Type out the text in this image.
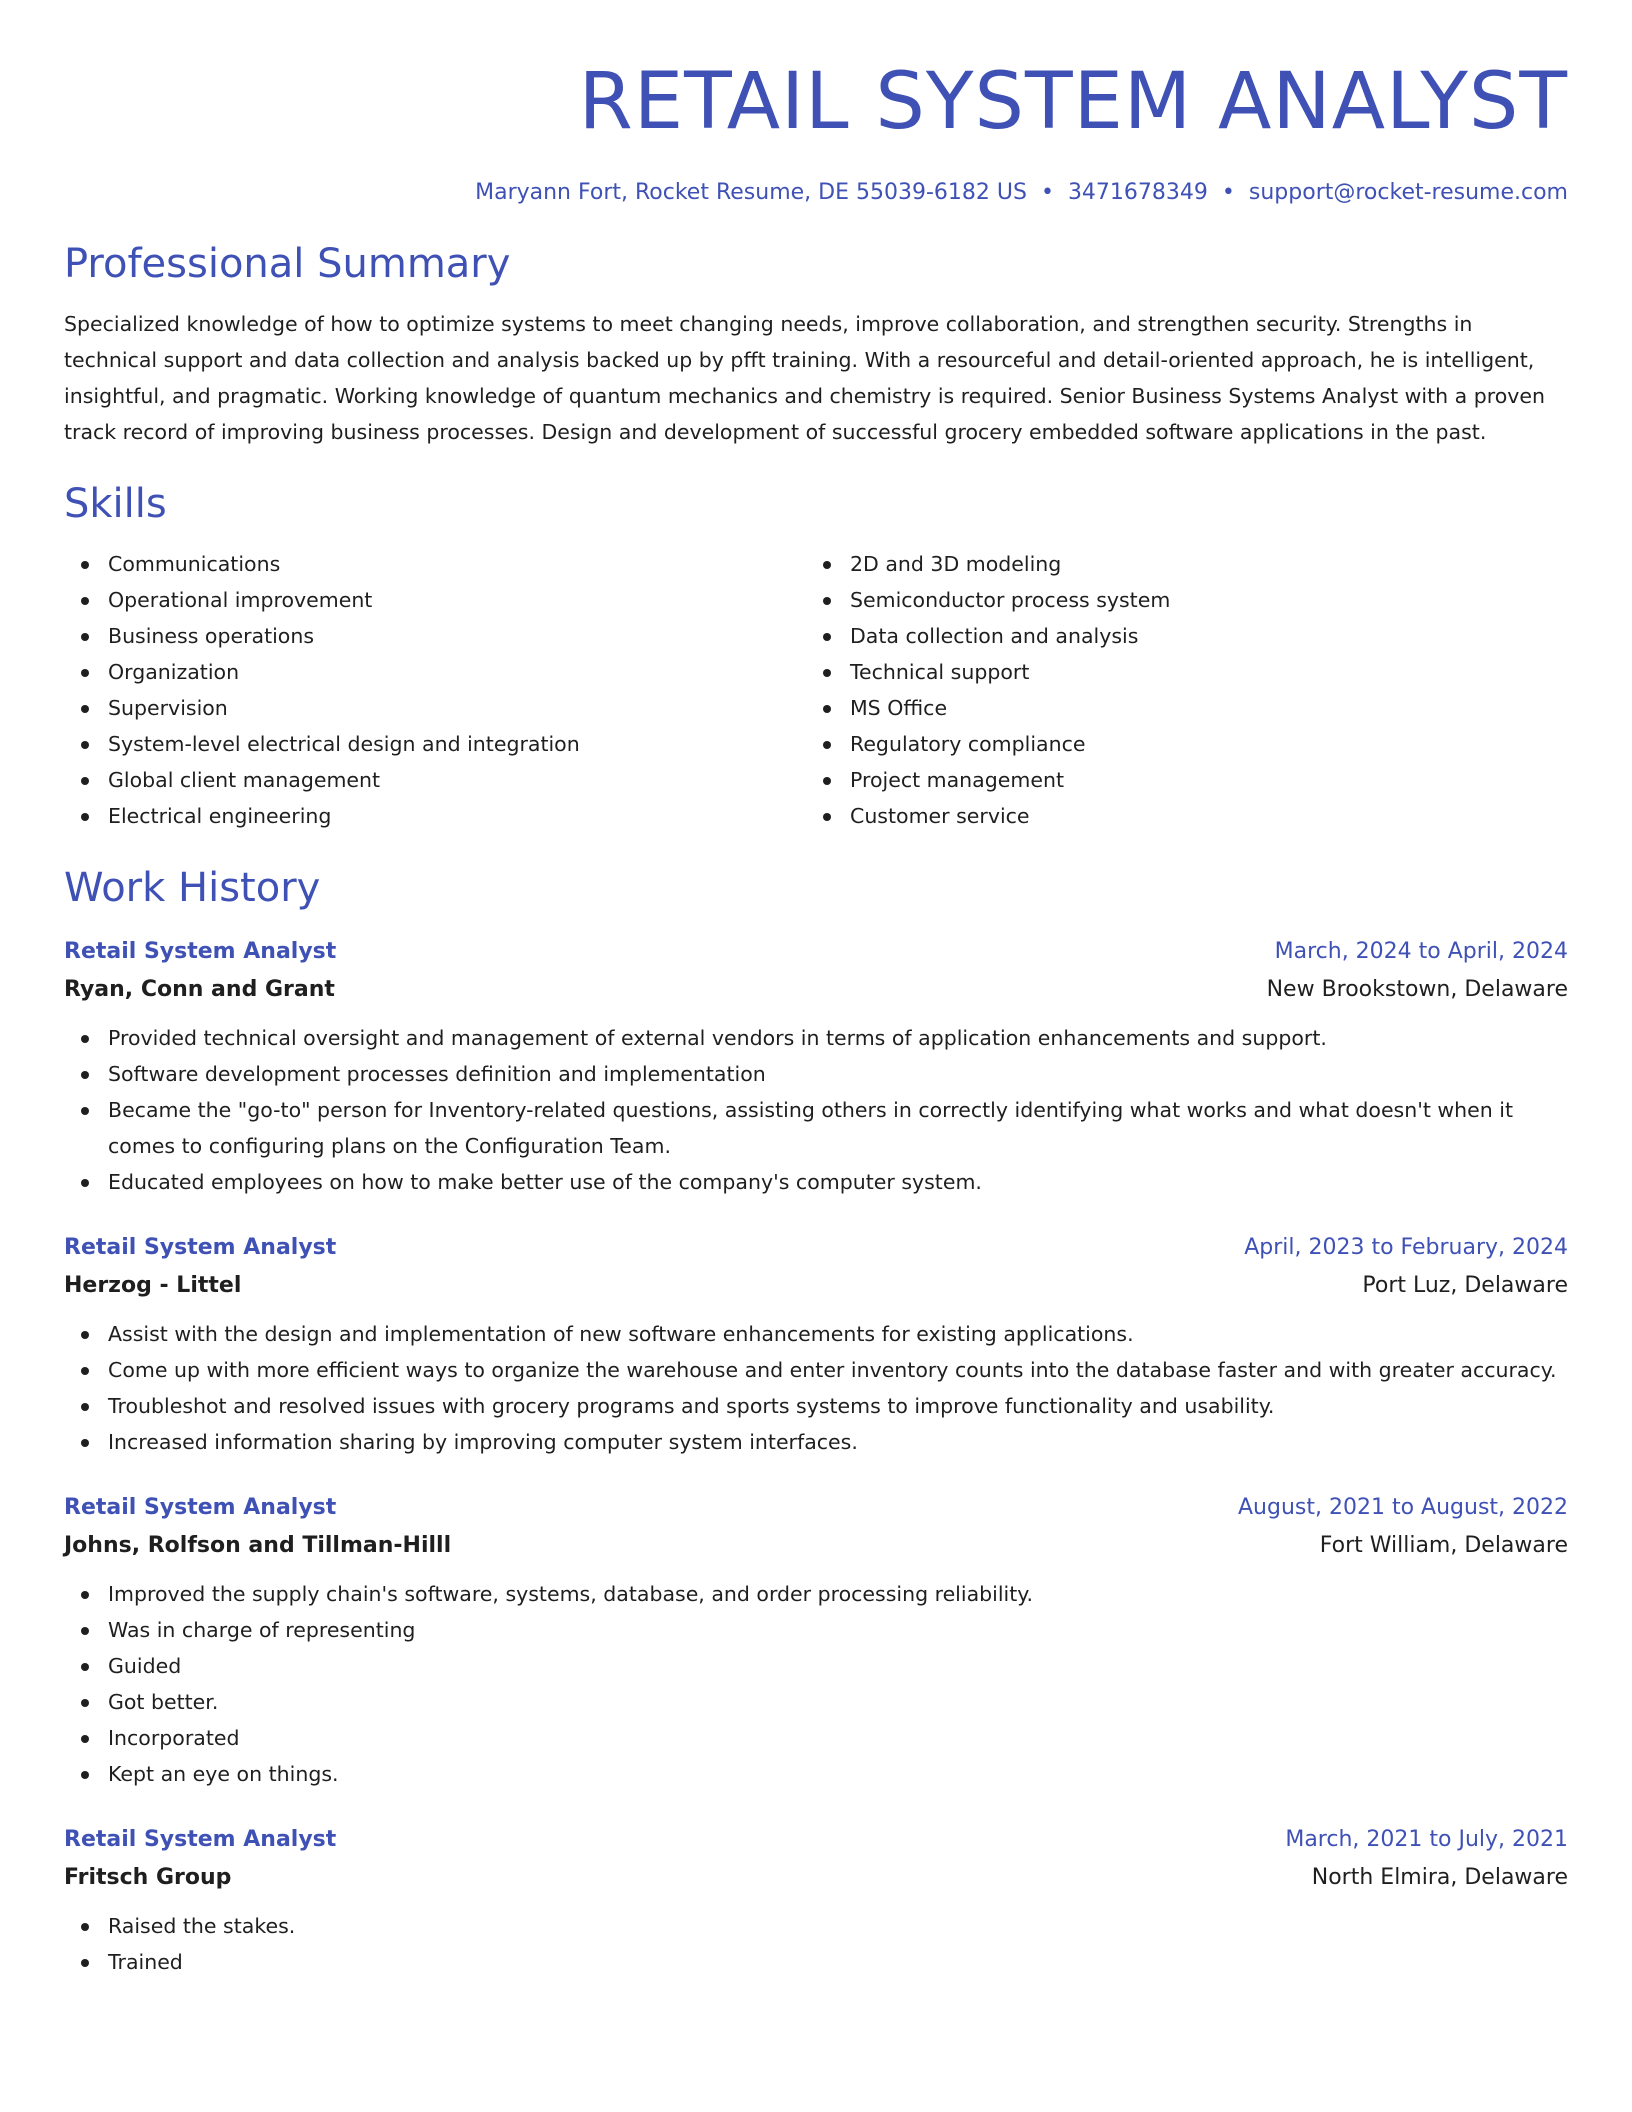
RETAIL SYSTEM ANALYST
Maryann Fort, Rocket Resume, DE 55039-6182 US • 3471678349 • support@rocket-resume.com
Professional Summary

Specialized knowledge of how to optimize systems to meet changing needs, improve collaboration, and strengthen security. Strengths in technical support and data collection and analysis backed up by pfft training. With a resourceful and detail-oriented approach, he is intelligent, insightful, and pragmatic. Working knowledge of quantum mechanics and chemistry is required. Senior Business Systems Analyst with a proven track record of improving business processes. Design and development of successful grocery embedded software applications in the past.

Skills
Communications
Operational improvement
Business operations
Organization
Supervision
System-level electrical design and integration
Global client management
Electrical engineering
2D and 3D modeling
Semiconductor process system
Data collection and analysis
Technical support
MS Office
Regulatory compliance
Project management
Customer service
Work History
Retail System Analyst	March, 2024 to April, 2024
Ryan, Conn and Grant	New Brookstown, Delaware
Provided technical oversight and management of external vendors in terms of application enhancements and support.
Software development processes definition and implementation
Became the "go-to" person for Inventory-related questions, assisting others in correctly identifying what works and what doesn't when it comes to configuring plans on the Configuration Team.
Educated employees on how to make better use of the company's computer system.
Retail System Analyst	April, 2023 to February, 2024
Herzog - Littel	Port Luz, Delaware
Assist with the design and implementation of new software enhancements for existing applications.
Come up with more efficient ways to organize the warehouse and enter inventory counts into the database faster and with greater accuracy.
Troubleshot and resolved issues with grocery programs and sports systems to improve functionality and usability.
Increased information sharing by improving computer system interfaces.
Retail System Analyst	August, 2021 to August, 2022
Johns, Rolfson and Tillman-Hilll	Fort William, Delaware
Improved the supply chain's software, systems, database, and order processing reliability.
Was in charge of representing
Guided
Got better.
Incorporated
Kept an eye on things.
Retail System Analyst	March, 2021 to July, 2021
Fritsch Group	North Elmira, Delaware
Raised the stakes.
Trained
